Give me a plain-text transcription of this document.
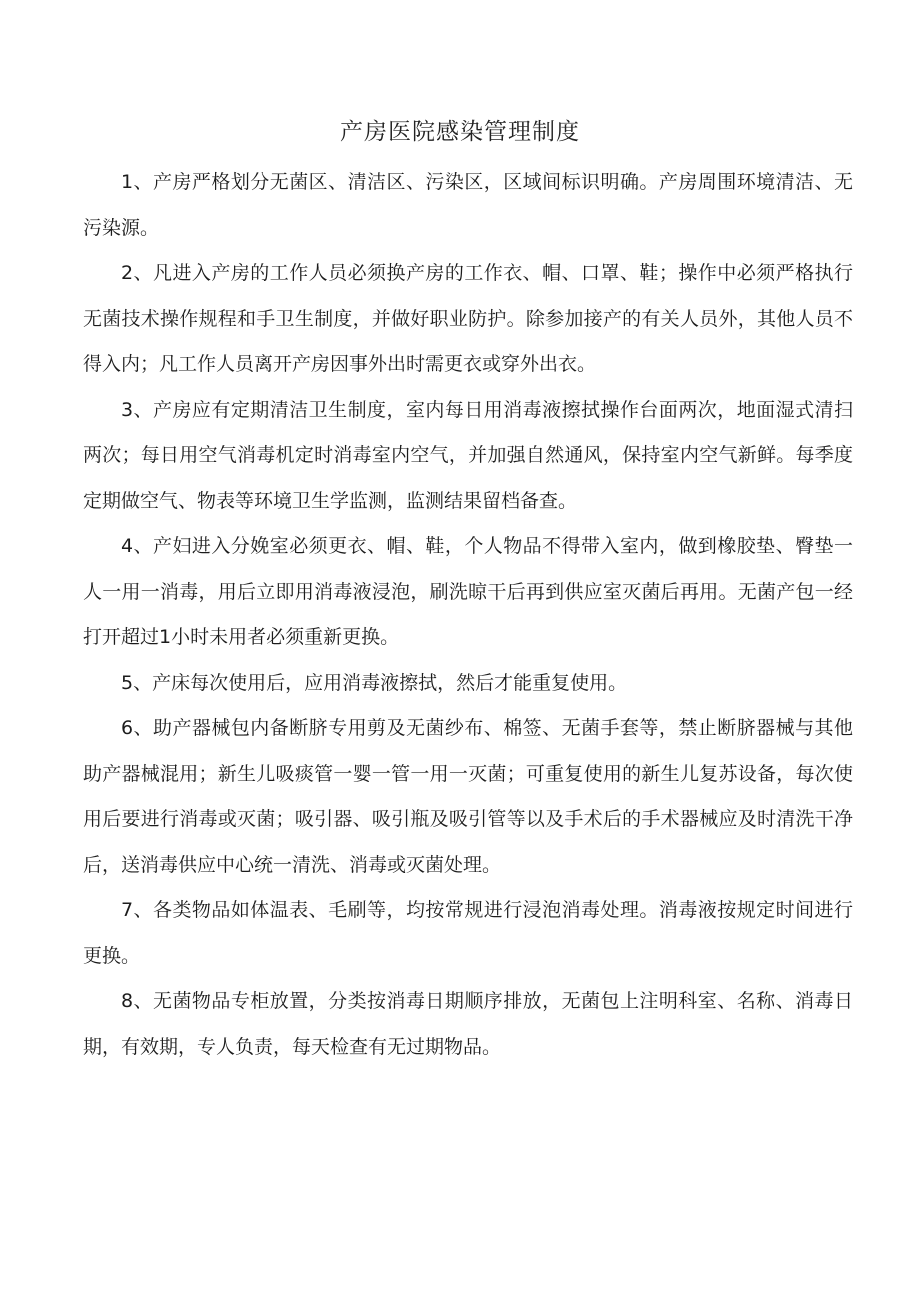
产房医院感染管理制度

1、产房严格划分无菌区、清洁区、污染区，区域间标识明确。产房周围环境清洁、无污染源。

2、凡进入产房的工作人员必须换产房的工作衣、帽、口罩、鞋；操作中必须严格执行无菌技术操作规程和手卫生制度，并做好职业防护。除参加接产的有关人员外，其他人员不得入内；凡工作人员离开产房因事外出时需更衣或穿外出衣。

3、产房应有定期清洁卫生制度，室内每日用消毒液擦拭操作台面两次，地面湿式清扫两次；每日用空气消毒机定时消毒室内空气，并加强自然通风，保持室内空气新鲜。每季度定期做空气、物表等环境卫生学监测，监测结果留档备查。

4、产妇进入分娩室必须更衣、帽、鞋，个人物品不得带入室内，做到橡胶垫、臀垫一人一用一消毒，用后立即用消毒液浸泡，刷洗晾干后再到供应室灭菌后再用。无菌产包一经打开超过1小时未用者必须重新更换。

5、产床每次使用后，应用消毒液擦拭，然后才能重复使用。

6、助产器械包内备断脐专用剪及无菌纱布、棉签、无菌手套等，禁止断脐器械与其他助产器械混用；新生儿吸痰管一婴一管一用一灭菌；可重复使用的新生儿复苏设备，每次使用后要进行消毒或灭菌；吸引器、吸引瓶及吸引管等以及手术后的手术器械应及时清洗干净后，送消毒供应中心统一清洗、消毒或灭菌处理。

7、各类物品如体温表、毛刷等，均按常规进行浸泡消毒处理。消毒液按规定时间进行更换。

8、无菌物品专柜放置，分类按消毒日期顺序排放，无菌包上注明科室、名称、消毒日期，有效期，专人负责，每天检查有无过期物品。
